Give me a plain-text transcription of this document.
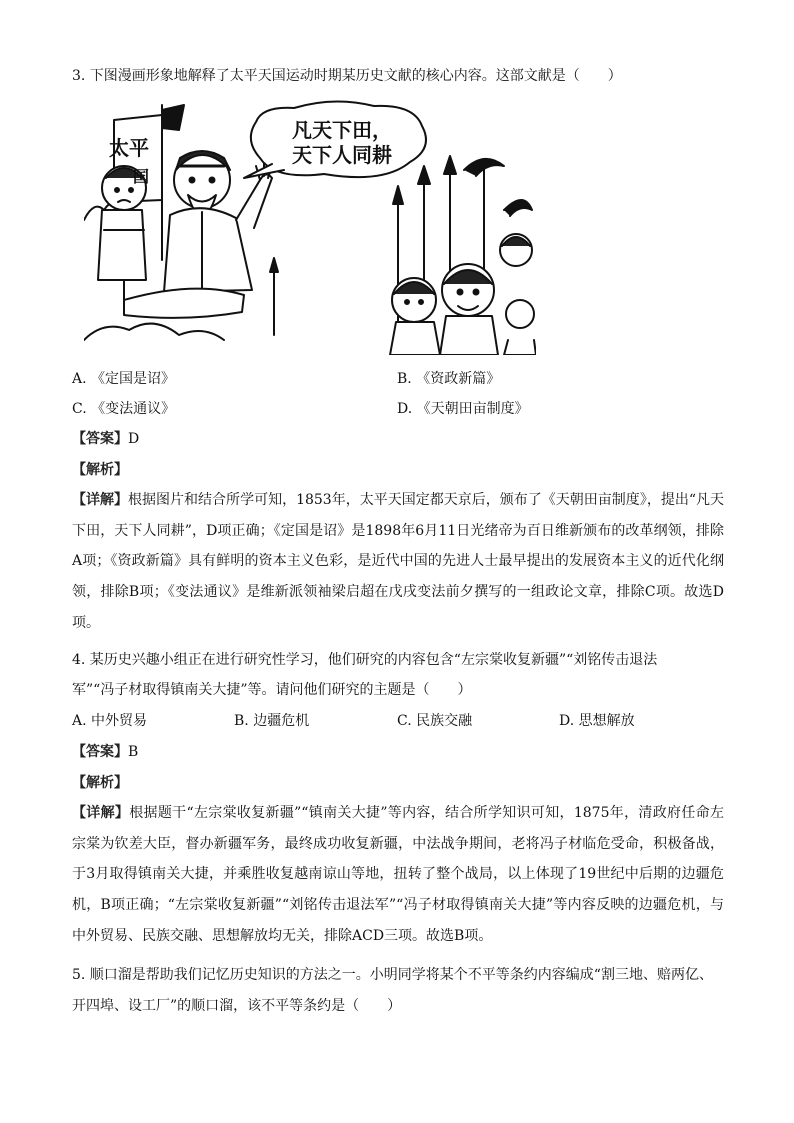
3. 下图漫画形象地解释了太平天国运动时期某历史文献的核心内容。这部文献是（　　）
太平
国
凡天下田，
天下人同耕
A. 《定国是诏》	B. 《资政新篇》
C. 《变法通议》	D. 《天朝田亩制度》
【答案】D
【解析】
【详解】根据图片和结合所学可知，1853年，太平天国定都天京后，颁布了《天朝田亩制度》，提出“凡天下田，天下人同耕”，D项正确；《定国是诏》是1898年6月11日光绪帝为百日维新颁布的改革纲领，排除A项；《资政新篇》具有鲜明的资本主义色彩，是近代中国的先进人士最早提出的发展资本主义的近代化纲领，排除B项；《变法通议》是维新派领袖梁启超在戊戌变法前夕撰写的一组政论文章，排除C项。故选D项。
4. 某历史兴趣小组正在进行研究性学习，他们研究的内容包含“左宗棠收复新疆”“刘铭传击退法
军”“冯子材取得镇南关大捷”等。请问他们研究的主题是（　　）
A. 中外贸易	B. 边疆危机	C. 民族交融	D. 思想解放
【答案】B
【解析】
【详解】根据题干“左宗棠收复新疆”“镇南关大捷”等内容，结合所学知识可知，1875年，清政府任命左宗棠为钦差大臣，督办新疆军务，最终成功收复新疆，中法战争期间，老将冯子材临危受命，积极备战，于3月取得镇南关大捷，并乘胜收复越南谅山等地，扭转了整个战局，以上体现了19世纪中后期的边疆危机，B项正确；“左宗棠收复新疆”“刘铭传击退法军”“冯子材取得镇南关大捷”等内容反映的边疆危机，与中外贸易、民族交融、思想解放均无关，排除ACD三项。故选B项。
5. 顺口溜是帮助我们记忆历史知识的方法之一。小明同学将某个不平等条约内容编成“割三地、赔两亿、
开四埠、设工厂”的顺口溜，该不平等条约是（　　）
